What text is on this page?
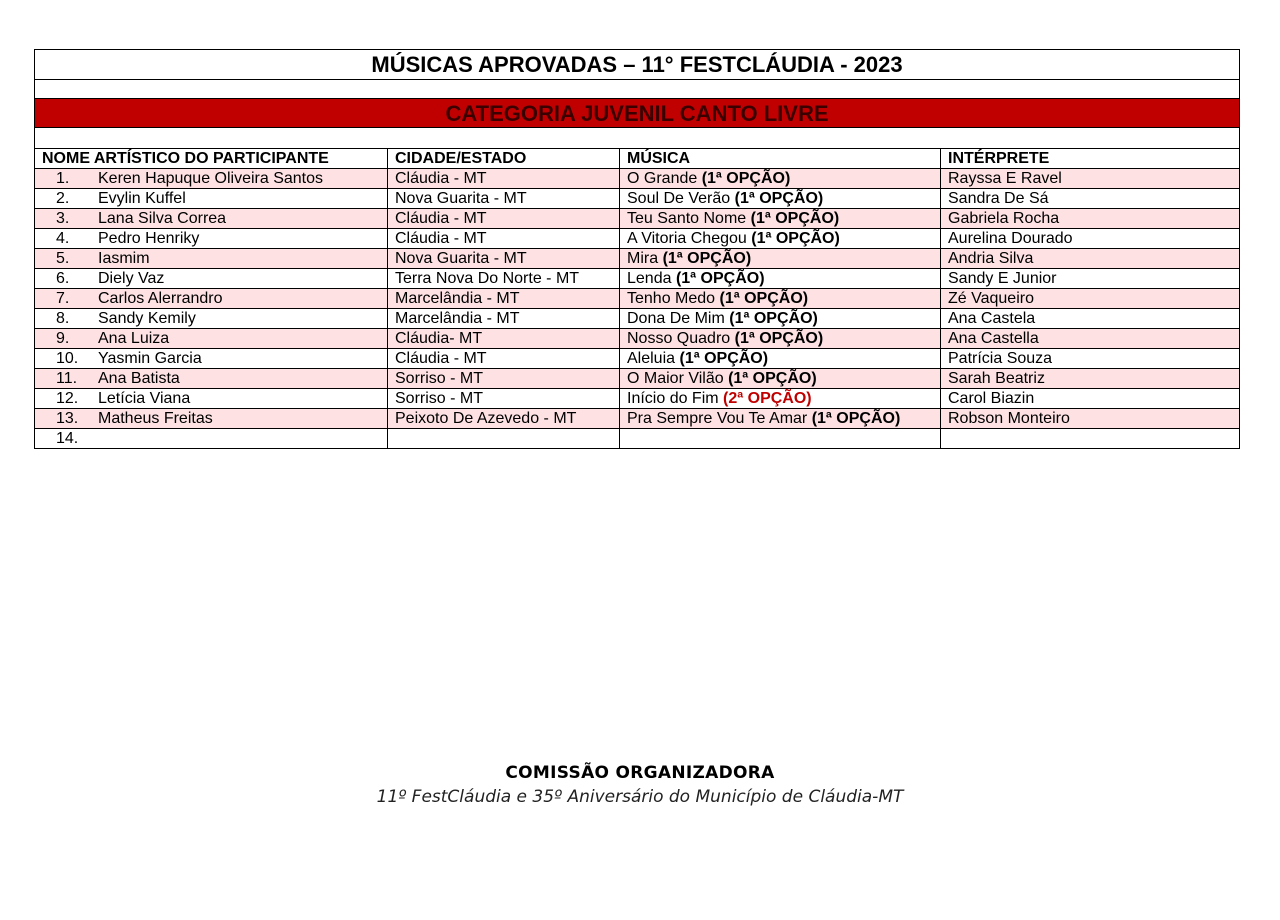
MÚSICAS APROVADAS – 11° FESTCLÁUDIA - 2023			

CATEGORIA JUVENIL CANTO LIVRE			

NOME ARTÍSTICO DO PARTICIPANTE	CIDADE/ESTADO	MÚSICA	INTÉRPRETE
1. Keren Hapuque Oliveira Santos	Cláudia - MT	O Grande (1ª OPÇÃO)	Rayssa E Ravel
2. Evylin Kuffel	Nova Guarita - MT	Soul De Verão (1ª OPÇÃO)	Sandra De Sá
3. Lana Silva Correa	Cláudia - MT	Teu Santo Nome (1ª OPÇÃO)	Gabriela Rocha
4. Pedro Henriky	Cláudia - MT	A Vitoria Chegou (1ª OPÇÃO)	Aurelina Dourado
5. Iasmim	Nova Guarita - MT	Mira (1ª OPÇÃO)	Andria Silva
6. Diely Vaz	Terra Nova Do Norte - MT	Lenda (1ª OPÇÃO)	Sandy E Junior
7. Carlos Alerrandro	Marcelândia - MT	Tenho Medo (1ª OPÇÃO)	Zé Vaqueiro
8. Sandy Kemily	Marcelândia - MT	Dona De Mim (1ª OPÇÃO)	Ana Castela
9. Ana Luiza	Cláudia- MT	Nosso Quadro (1ª OPÇÃO)	Ana Castella
10. Yasmin Garcia	Cláudia - MT	Aleluia (1ª OPÇÃO)	Patrícia Souza
11. Ana Batista	Sorriso - MT	O Maior Vilão (1ª OPÇÃO)	Sarah Beatriz
12. Letícia Viana	Sorriso - MT	Início do Fim (2ª OPÇÃO)	Carol Biazin
13. Matheus Freitas	Peixoto De Azevedo - MT	Pra Sempre Vou Te Amar (1ª OPÇÃO)	Robson Monteiro
14.			
COMISSÃO ORGANIZADORA
11º FestCláudia e 35º Aniversário do Município de Cláudia-MT
